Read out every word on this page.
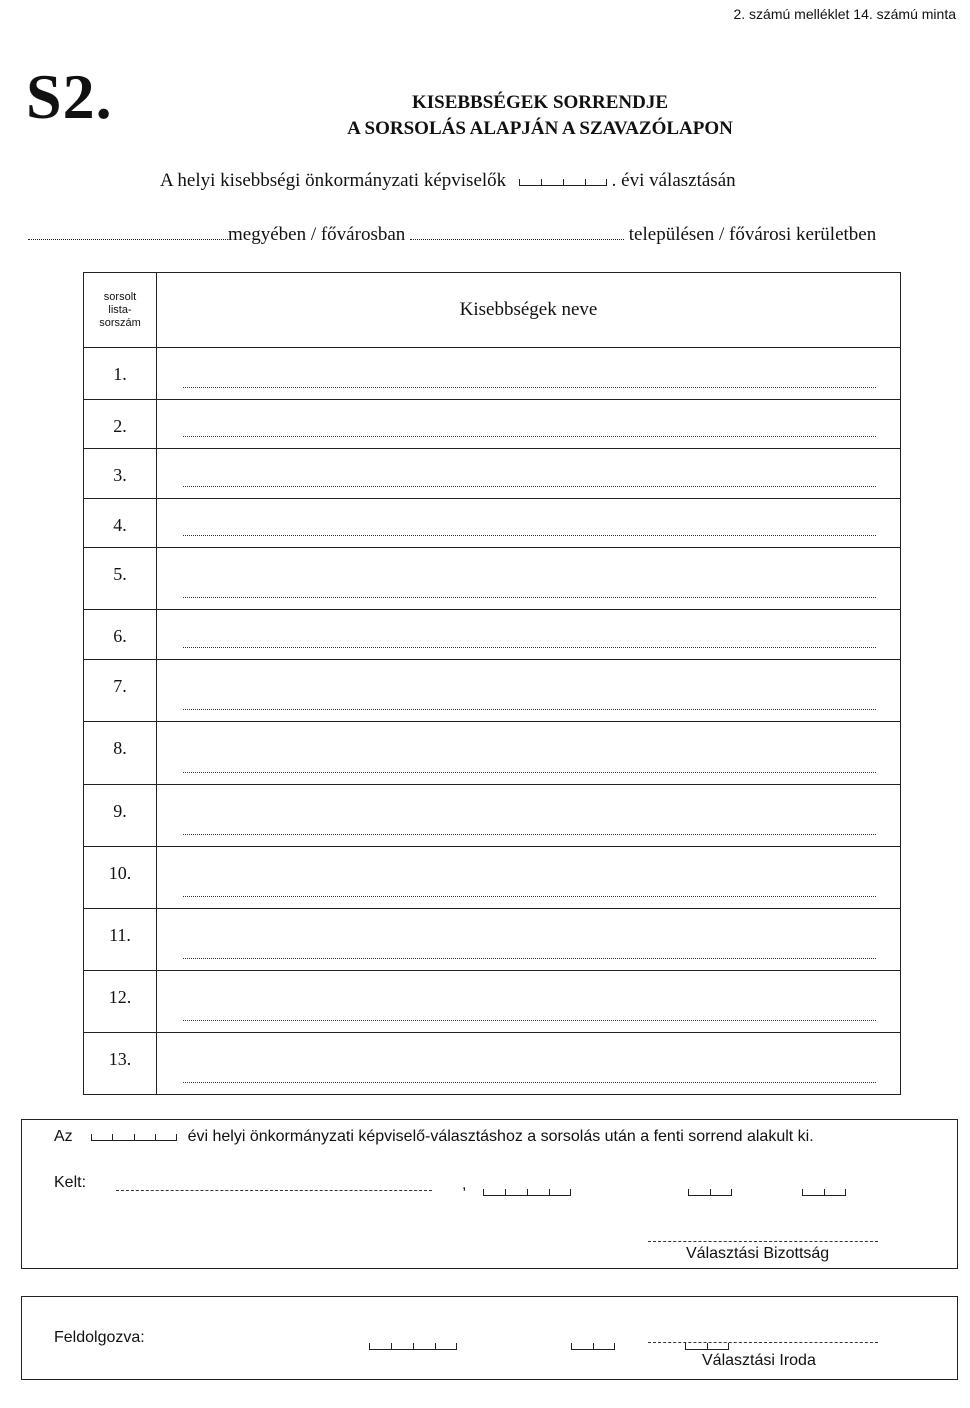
2. számú melléklet 14. számú minta
S2.	KISEBBSÉGEK SORRENDJE
A SORSOLÁS ALAPJÁN A SZAVAZÓLAPON
A helyi kisebbségi önkormányzati képviselők	. évi választásán
megyében / fővárosban	településen / fővárosi kerületben
sorsolt
lista-
sorszám	Kisebbségek neve
1.	

2.	

3.	

4.	

5.	

6.	

7.	

8.	

9.	

10.	

11.	

12.	

13.	
Az	évi helyi önkormányzati képviselő-választáshoz a sorsolás után a fenti sorrend alakult ki.
Kelt:	,

Választási Bizottság
Feldolgozva:

Választási Iroda
